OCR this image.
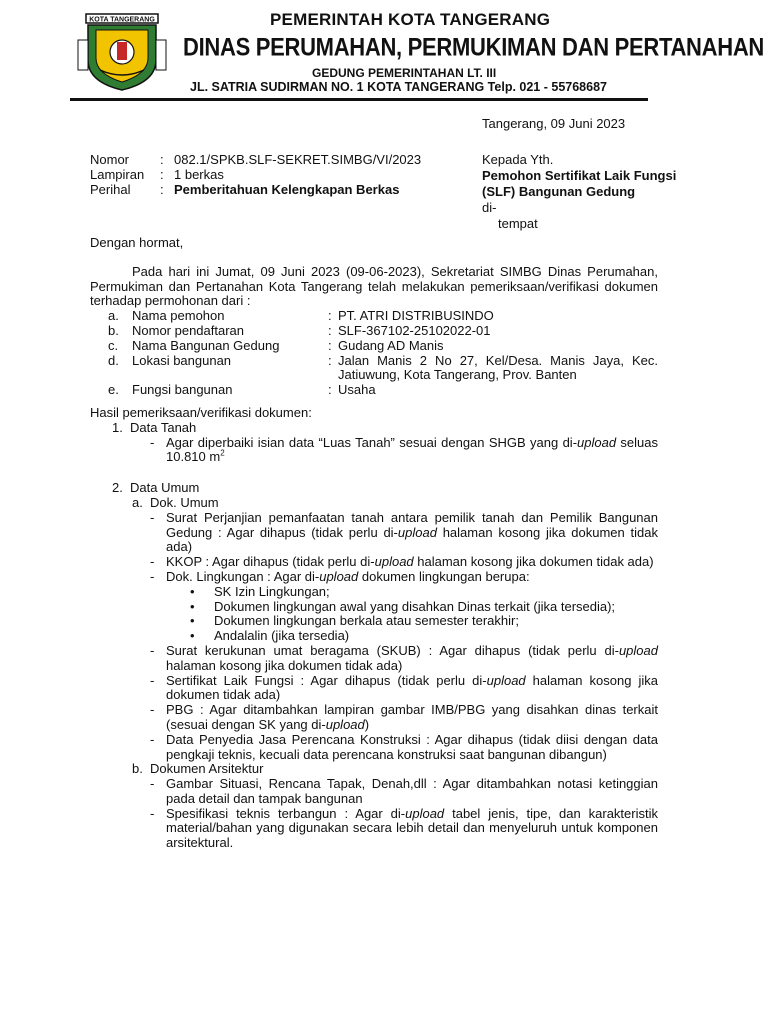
KOTA TANGERANG	PEMERINTAH KOTA TANGERANG
DINAS PERUMAHAN, PERMUKIMAN DAN PERTANAHAN
GEDUNG PEMERINTAHAN LT. III
JL. SATRIA SUDIRMAN NO. 1 KOTA TANGERANG Telp. 021 - 55768687
Tangerang, 09 Juni 2023
Nomor	: 082.1/SPKB.SLF-SEKRET.SIMBG/VI/2023
Lampiran	: 1 berkas
Perihal	: Pemberitahuan Kelengkapan Berkas
Kepada Yth.
Pemohon Sertifikat Laik Fungsi
(SLF) Bangunan Gedung
di-
tempat

Dengan hormat,

Pada hari ini Jumat, 09 Juni 2023 (09-06-2023), Sekretariat SIMBG Dinas Perumahan, Permukiman dan Pertanahan Kota Tangerang telah melakukan pemeriksaan/verifikasi dokumen terhadap permohonan dari :

a.	Nama pemohon	: PT. ATRI DISTRIBUSINDO
b.	Nomor pendaftaran	: SLF-367102-25102022-01
c.	Nama Bangunan Gedung	: Gudang AD Manis
d.	Lokasi bangunan	: Jalan Manis 2 No 27, Kel/Desa. Manis Jaya, Kec. Jatiuwung, Kota Tangerang, Prov. Banten
e.	Fungsi bangunan	: Usaha

Hasil pemeriksaan/verifikasi dokumen:

1. Data Tanah
- Agar diperbaiki isian data “Luas Tanah” sesuai dengan SHGB yang di-upload seluas 10.810 $m^2$
2. Data Umum
a. Dok. Umum
- Surat Perjanjian pemanfaatan tanah antara pemilik tanah dan Pemilik Bangunan Gedung : Agar dihapus (tidak perlu di-upload halaman kosong jika dokumen tidak ada)
- KKOP : Agar dihapus (tidak perlu di-upload halaman kosong jika dokumen tidak ada)
- Dok. Lingkungan : Agar di-upload dokumen lingkungan berupa:
•	SK Izin Lingkungan;
•	Dokumen lingkungan awal yang disahkan Dinas terkait (jika tersedia);
•	Dokumen lingkungan berkala atau semester terakhir;
•	Andalalin (jika tersedia)
- Surat kerukunan umat beragama (SKUB) : Agar dihapus (tidak perlu di-upload halaman kosong jika dokumen tidak ada)
- Sertifikat Laik Fungsi : Agar dihapus (tidak perlu di-upload halaman kosong jika dokumen tidak ada)
- PBG : Agar ditambahkan lampiran gambar IMB/PBG yang disahkan dinas terkait (sesuai dengan SK yang di-upload)
- Data Penyedia Jasa Perencana Konstruksi : Agar dihapus (tidak diisi dengan data pengkaji teknis, kecuali data perencana konstruksi saat bangunan dibangun)
b. Dokumen Arsitektur
- Gambar Situasi, Rencana Tapak, Denah,dll : Agar ditambahkan notasi ketinggian pada detail dan tampak bangunan
- Spesifikasi teknis terbangun : Agar di-upload tabel jenis, tipe, dan karakteristik material/bahan yang digunakan secara lebih detail dan menyeluruh untuk komponen arsitektural.
